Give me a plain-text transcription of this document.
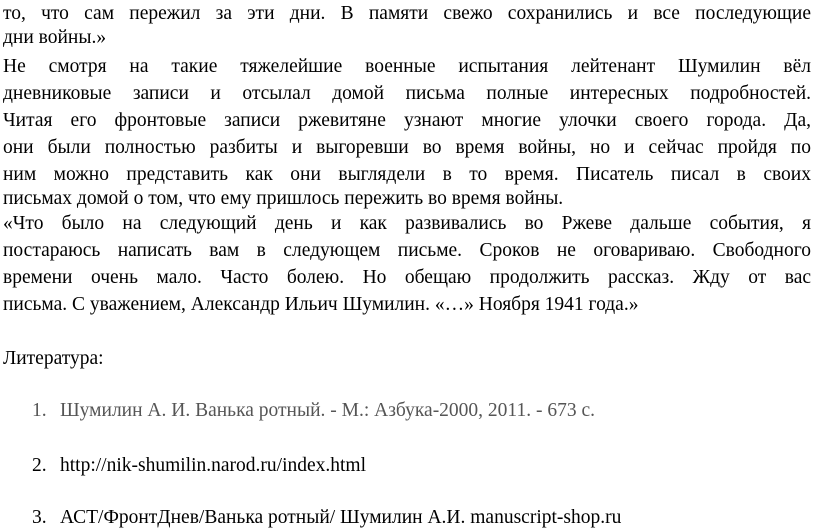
то, что сам пережил за эти дни. В памяти свежо сохранились и все последующие
дни войны.»
Не смотря на такие тяжелейшие военные испытания лейтенант Шумилин вёл
дневниковые записи и отсылал домой письма полные интересных подробностей.
Читая его фронтовые записи ржевитяне узнают многие улочки своего города. Да,
они были полностью разбиты и выгоревши во время войны, но и сейчас пройдя по
ним можно представить как они выглядели в то время. Писатель писал в своих
письмах домой о том, что ему пришлось пережить во время войны.
«Что было на следующий день и как развивались во Ржеве дальше события, я
постараюсь написать вам в следующем письме. Сроков не оговариваю. Свободного
времени очень мало. Часто болею. Но обещаю продолжить рассказ. Жду от вас
письма. С уважением, Александр Ильич Шумилин. «…» Ноября 1941 года.»
Литература:
1. Шумилин А. И. Ванька ротный. - М.: Азбука-2000, 2011. - 673 с.
2. http://nik-shumilin.narod.ru/index.html
3. АСТ/ФронтДнев/Ванька ротный/ Шумилин А.И. manuscript-shop.ru
